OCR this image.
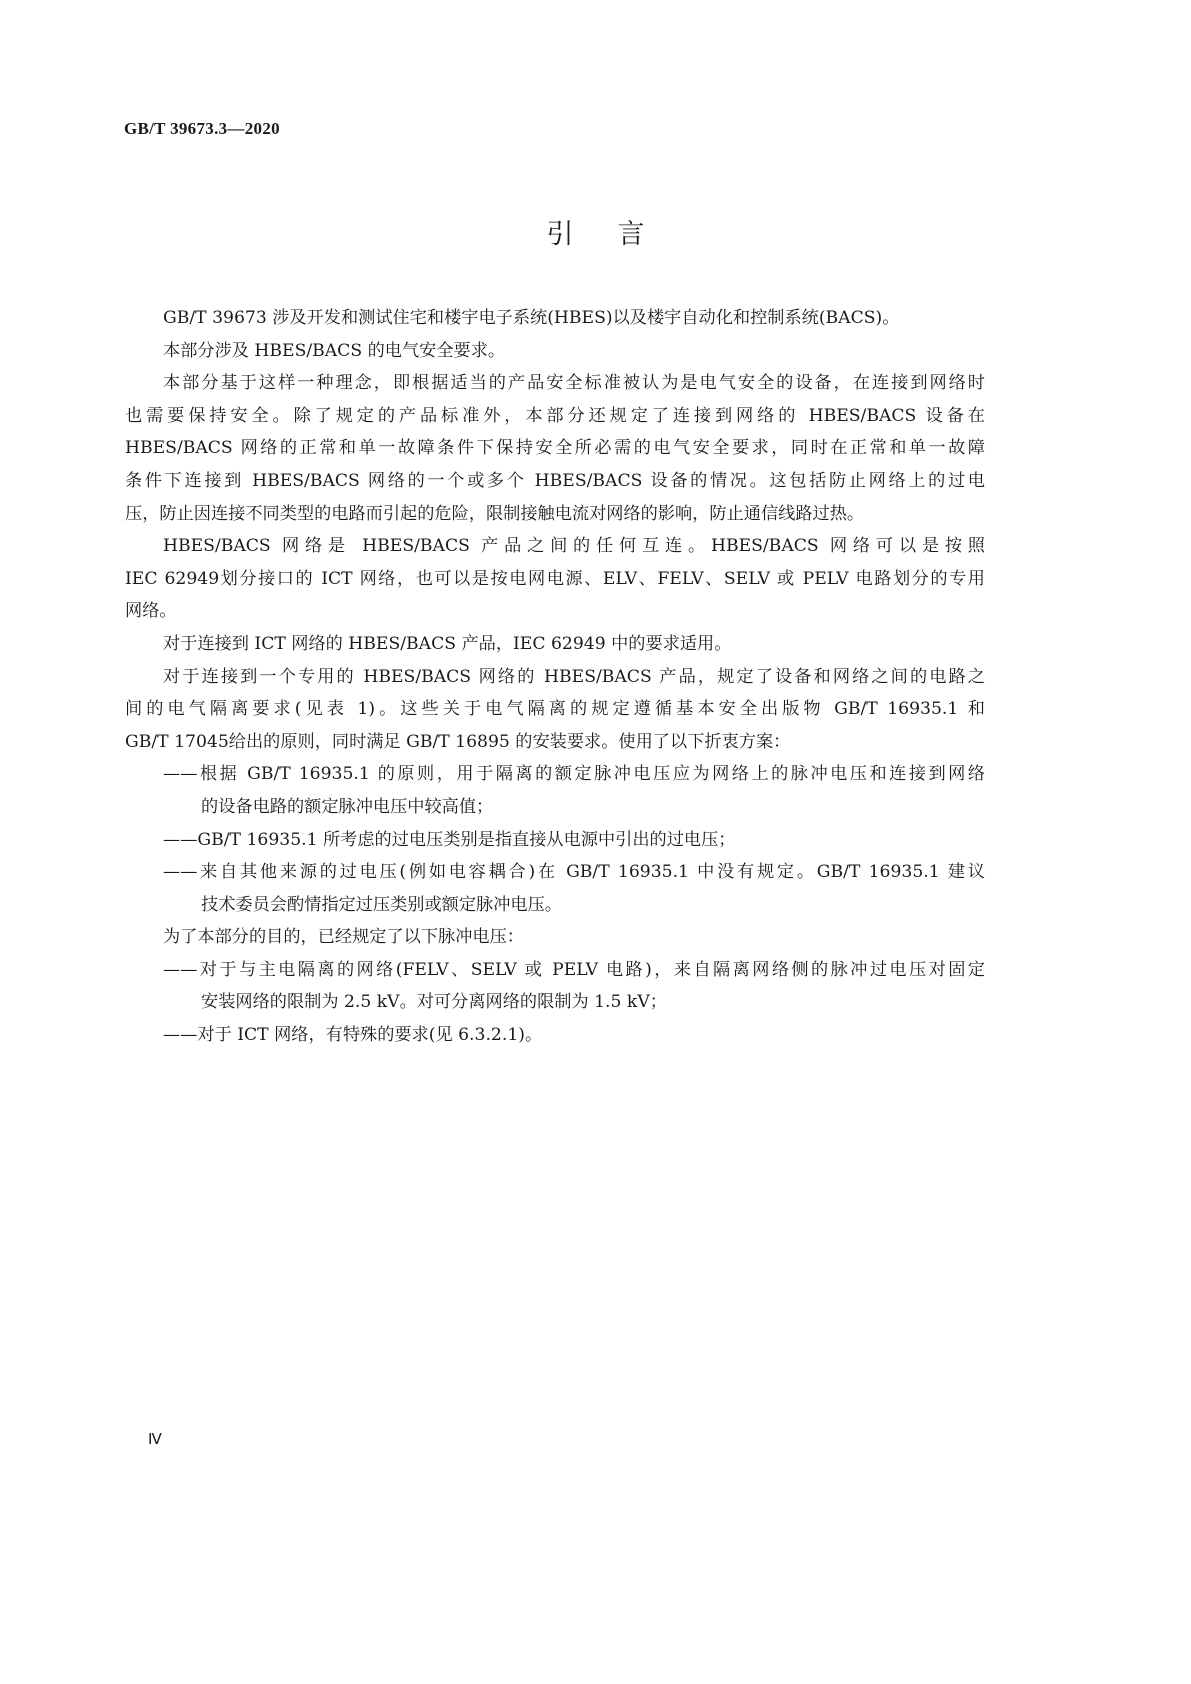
GB/T 39673.3—2020
引 言
GB/T 39673 涉及开发和测试住宅和楼宇电子系统(HBES)以及楼宇自动化和控制系统(BACS)。
本部分涉及 HBES/BACS 的电气安全要求。
本部分基于这样一种理念，即根据适当的产品安全标准被认为是电气安全的设备，在连接到网络时
也需要保持安全。除了规定的产品标准外，本部分还规定了连接到网络的 HBES/BACS 设备在
HBES/BACS 网络的正常和单一故障条件下保持安全所必需的电气安全要求，同时在正常和单一故障
条件下连接到 HBES/BACS 网络的一个或多个 HBES/BACS 设备的情况。这包括防止网络上的过电
压，防止因连接不同类型的电路而引起的危险，限制接触电流对网络的影响，防止通信线路过热。
HBES/BACS 网络是 HBES/BACS 产品之间的任何互连。HBES/BACS 网络可以是按照
IEC 62949划分接口的 ICT 网络，也可以是按电网电源、ELV、FELV、SELV 或 PELV 电路划分的专用
网络。
对于连接到 ICT 网络的 HBES/BACS 产品，IEC 62949 中的要求适用。
对于连接到一个专用的 HBES/BACS 网络的 HBES/BACS 产品，规定了设备和网络之间的电路之
间的电气隔离要求(见表 1)。这些关于电气隔离的规定遵循基本安全出版物 GB/T 16935.1 和
GB/T 17045给出的原则，同时满足 GB/T 16895 的安装要求。使用了以下折衷方案：
——根据 GB/T 16935.1 的原则，用于隔离的额定脉冲电压应为网络上的脉冲电压和连接到网络
的设备电路的额定脉冲电压中较高值；
——GB/T 16935.1 所考虑的过电压类别是指直接从电源中引出的过电压；
——来自其他来源的过电压(例如电容耦合)在 GB/T 16935.1 中没有规定。GB/T 16935.1 建议
技术委员会酌情指定过压类别或额定脉冲电压。
为了本部分的目的，已经规定了以下脉冲电压：
——对于与主电隔离的网络(FELV、SELV 或 PELV 电路)，来自隔离网络侧的脉冲过电压对固定
安装网络的限制为 2.5 kV。对可分离网络的限制为 1.5 kV；
——对于 ICT 网络，有特殊的要求(见 6.3.2.1)。
Ⅳ
